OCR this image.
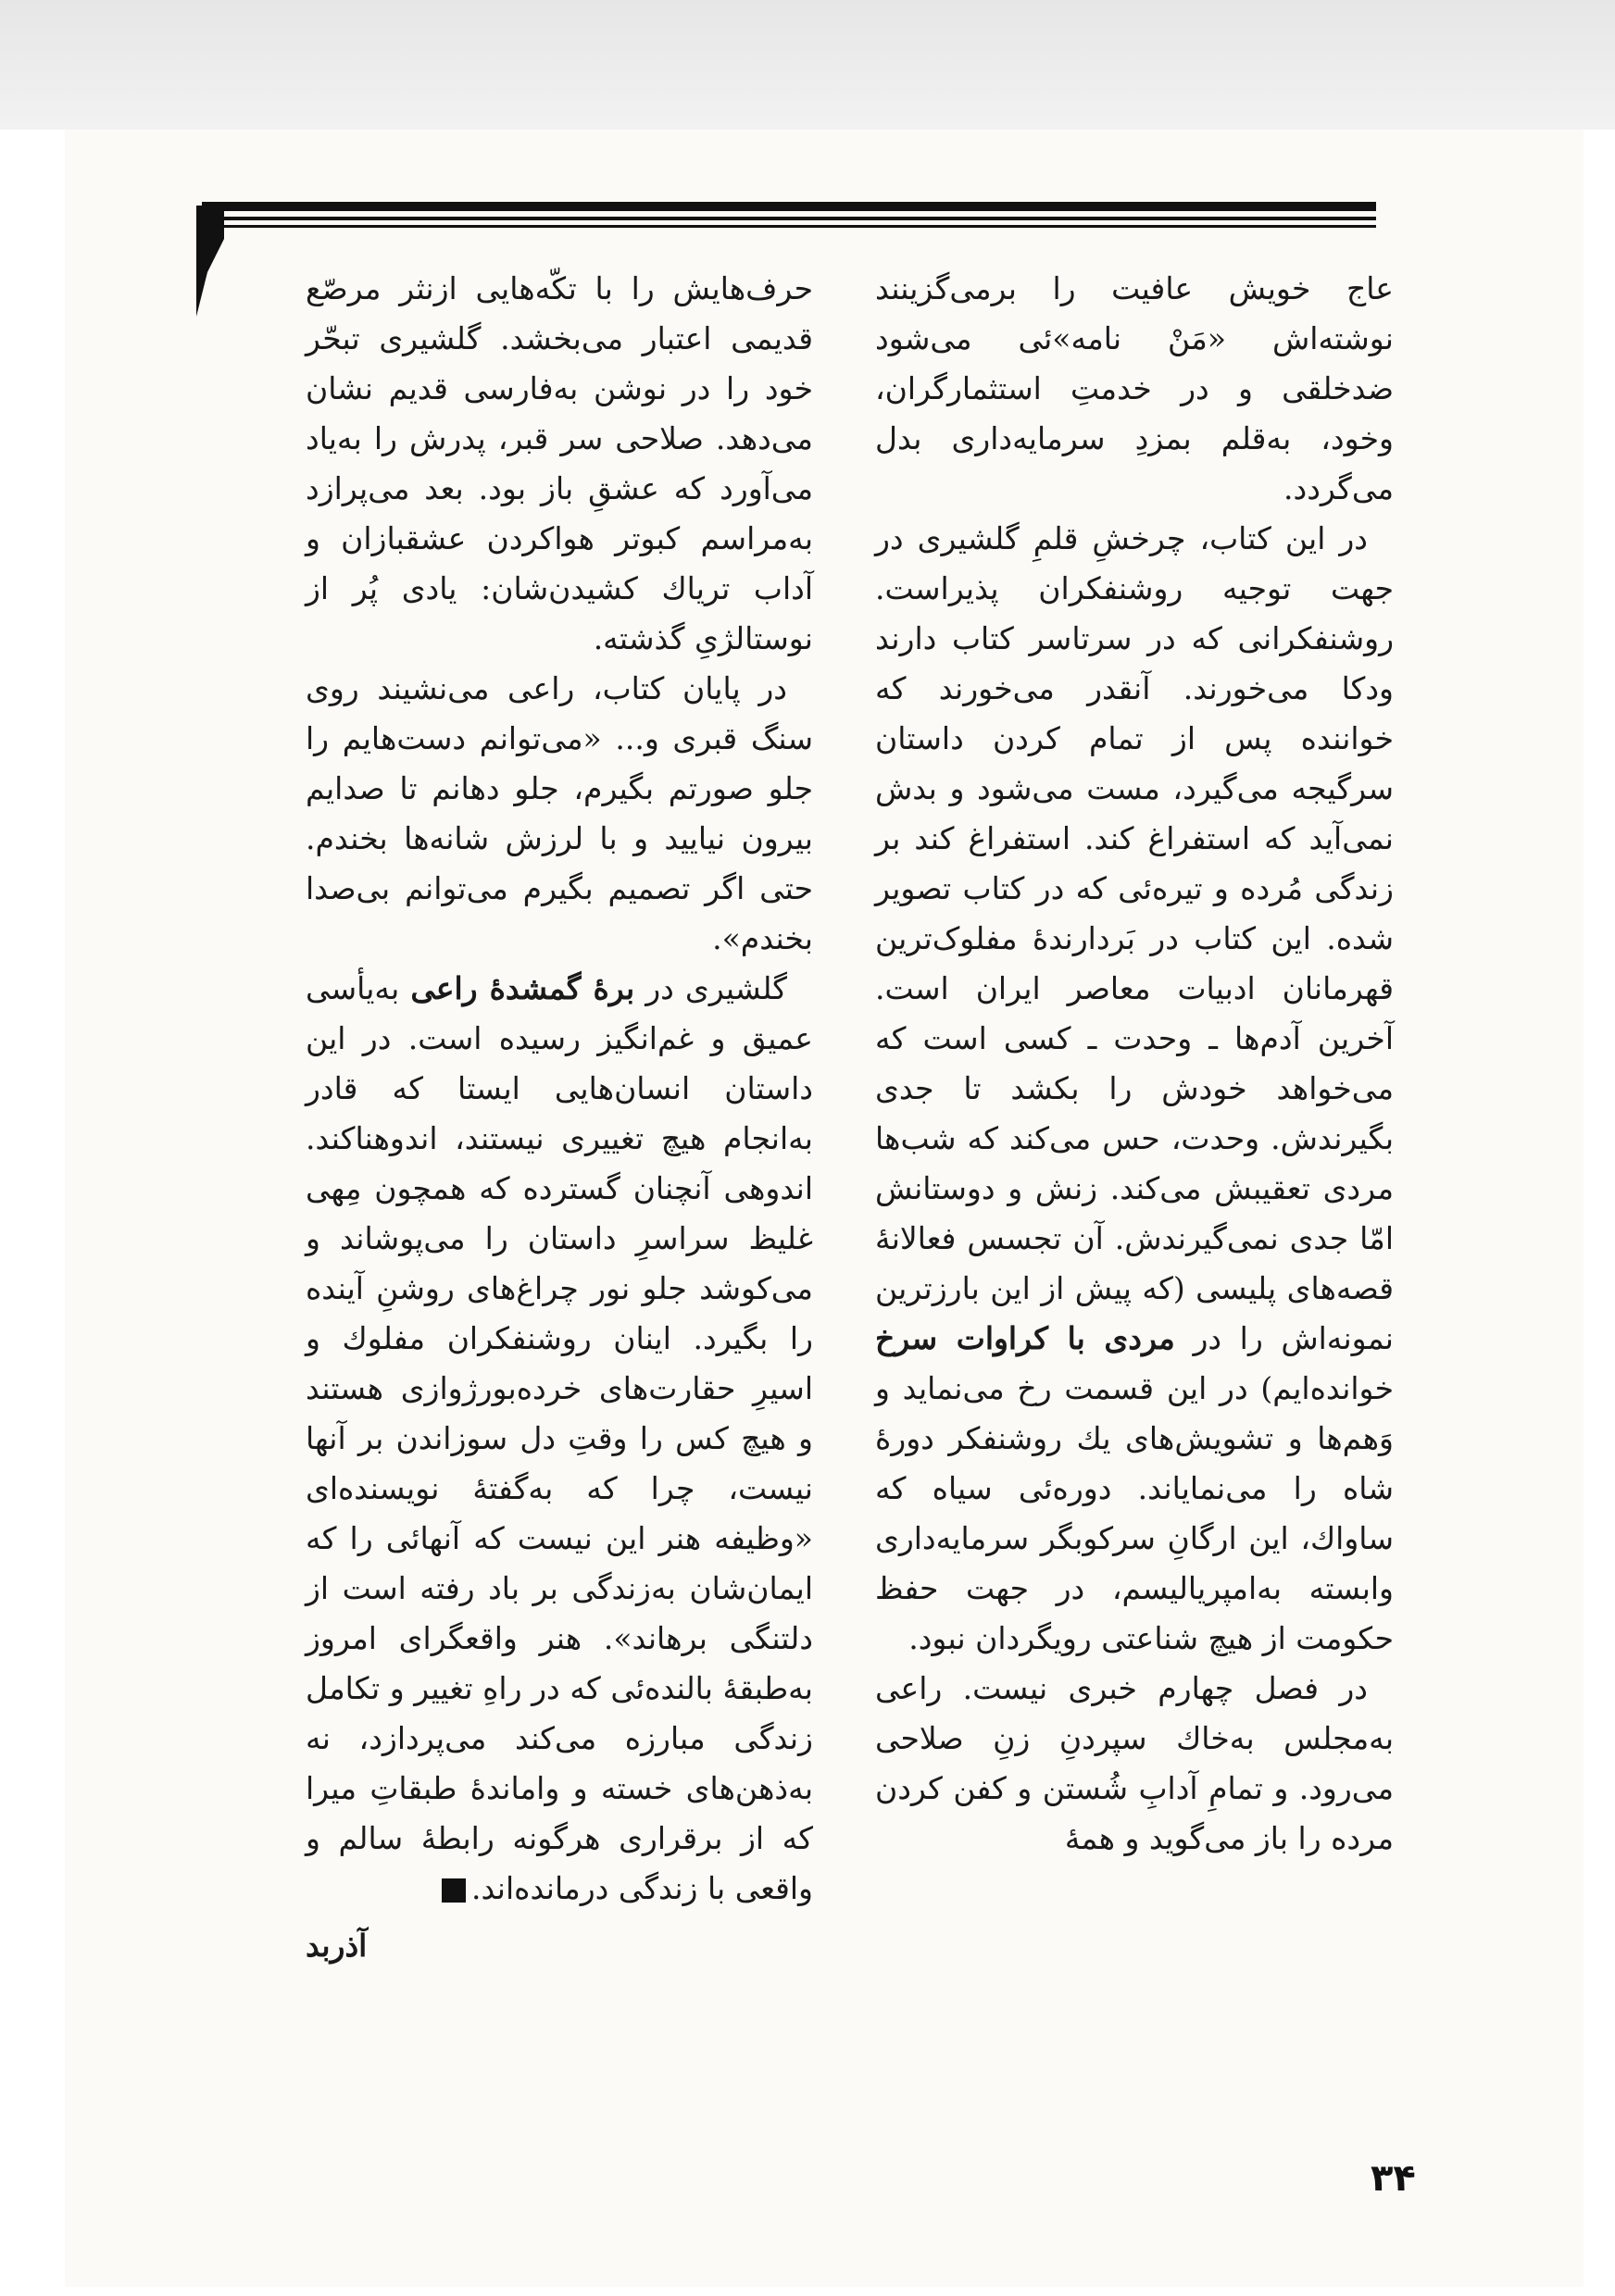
عاج خویش عافیت را برمی‌گزینند نوشته‌اش «مَنْ نامه»ئی می‌شود ضدخلقی و در خدمتِ استثمارگران، وخود، به‌قلم بمزدِ سرمایه‌داری بدل می‌گردد.

در این کتاب، چرخشِ قلمِ گلشیری در جهت توجیه روشنفکران پذیراست. روشنفکرانی که در سرتاسر کتاب دارند ودکا می‌خورند. آنقدر می‌خورند که خواننده پس از تمام کردن داستان سرگیجه می‌گیرد، مست می‌شود و بدش نمی‌آید که استفراغ کند. استفراغ کند بر زندگی مُرده و تیره‌ئی که در کتاب تصویر شده. این کتاب در بَردارندهٔ مفلوک‌ترین قهرمانان ادبیات معاصر ایران است. آخرین آدم‌ها ـ وحدت ـ کسی است که می‌خواهد خودش را بکشد تا جدی بگیرندش. وحدت، حس می‌کند که شب‌ها مردی تعقیبش می‌کند. زنش و دوستانش امّا جدی نمی‌گیرندش. آن تجسس فعالانهٔ قصه‌های پلیسی (که پیش از این بارزترین نمونه‌اش را در مردی با کراوات سرخ خوانده‌ایم) در این قسمت رخ می‌نماید و وَهم‌ها و تشویش‌های یك روشنفکر دورهٔ شاه را می‌نمایاند. دوره‌ئی سیاه که ساواك، این ارگانِ سرکوبگر سرمایه‌داری وابسته به‌امپریالیسم، در جهت حفظ حکومت از هیچ شناعتی رویگردان نبود.

در فصل چهارم خبری نیست. راعی به‌مجلس به‌خاك سپردنِ زنِ صلاحی می‌رود. و تمامِ آدابِ شُستن و کفن کردن مرده را باز می‌گوید و همهٔ

حرف‌هایش را با تکّه‌هایی ازنثر مرصّع قدیمی اعتبار می‌بخشد. گلشیری تبحّر خود را در نوشن به‌فارسی قدیم نشان می‌دهد. صلاحی سر قبر، پدرش را به‌یاد می‌آورد که عشقِ باز بود. بعد می‌پرازد به‌مراسم کبوتر هواکردن عشقبازان و آداب تریاك کشیدن‌شان: یادی پُر از نوستالژیِ گذشته.

در پایان کتاب، راعی می‌نشیند روی سنگ قبری و... «می‌توانم دست‌هایم را جلو صورتم بگیرم، جلو دهانم تا صدایم بیرون نیایید و با لرزش شانه‌ها بخندم. حتی اگر تصمیم بگیرم می‌توانم بی‌صدا بخندم».

گلشیری در برهٔ گمشدهٔ راعی به‌یأسی عمیق و غم‌انگیز رسیده است. در این داستان انسان‌هایی ایستا که قادر به‌انجام هیچ تغییری نیستند، اندوهناکند. اندوهی آنچنان گسترده که همچون مِهی غلیظ سراسرِ داستان را می‌پوشاند و می‌کوشد جلو نور چراغ‌های روشنِ آینده را بگیرد. اینان روشنفکران مفلوك و اسیرِ حقارت‌های خرده‌بورژوازی هستند و هیچ کس را وقتِ دل سوزاندن بر آنها نیست، چرا که به‌گفتهٔ نویسنده‌ای «وظیفه هنر این نیست که آنهائی را که ایمان‌شان به‌زندگی بر باد رفته است از دلتنگی برهاند». هنر واقعگرای امروز به‌طبقهٔ بالنده‌ئی که در راهِ تغییر و تکامل زندگی مبارزه می‌کند می‌پردازد، نه به‌ذهن‌های خسته و واماندهٔ طبقاتِ میرا که از برقراری هرگونه رابطهٔ سالم و واقعی با زندگی درمانده‌اند.

آذربد
۳۴
